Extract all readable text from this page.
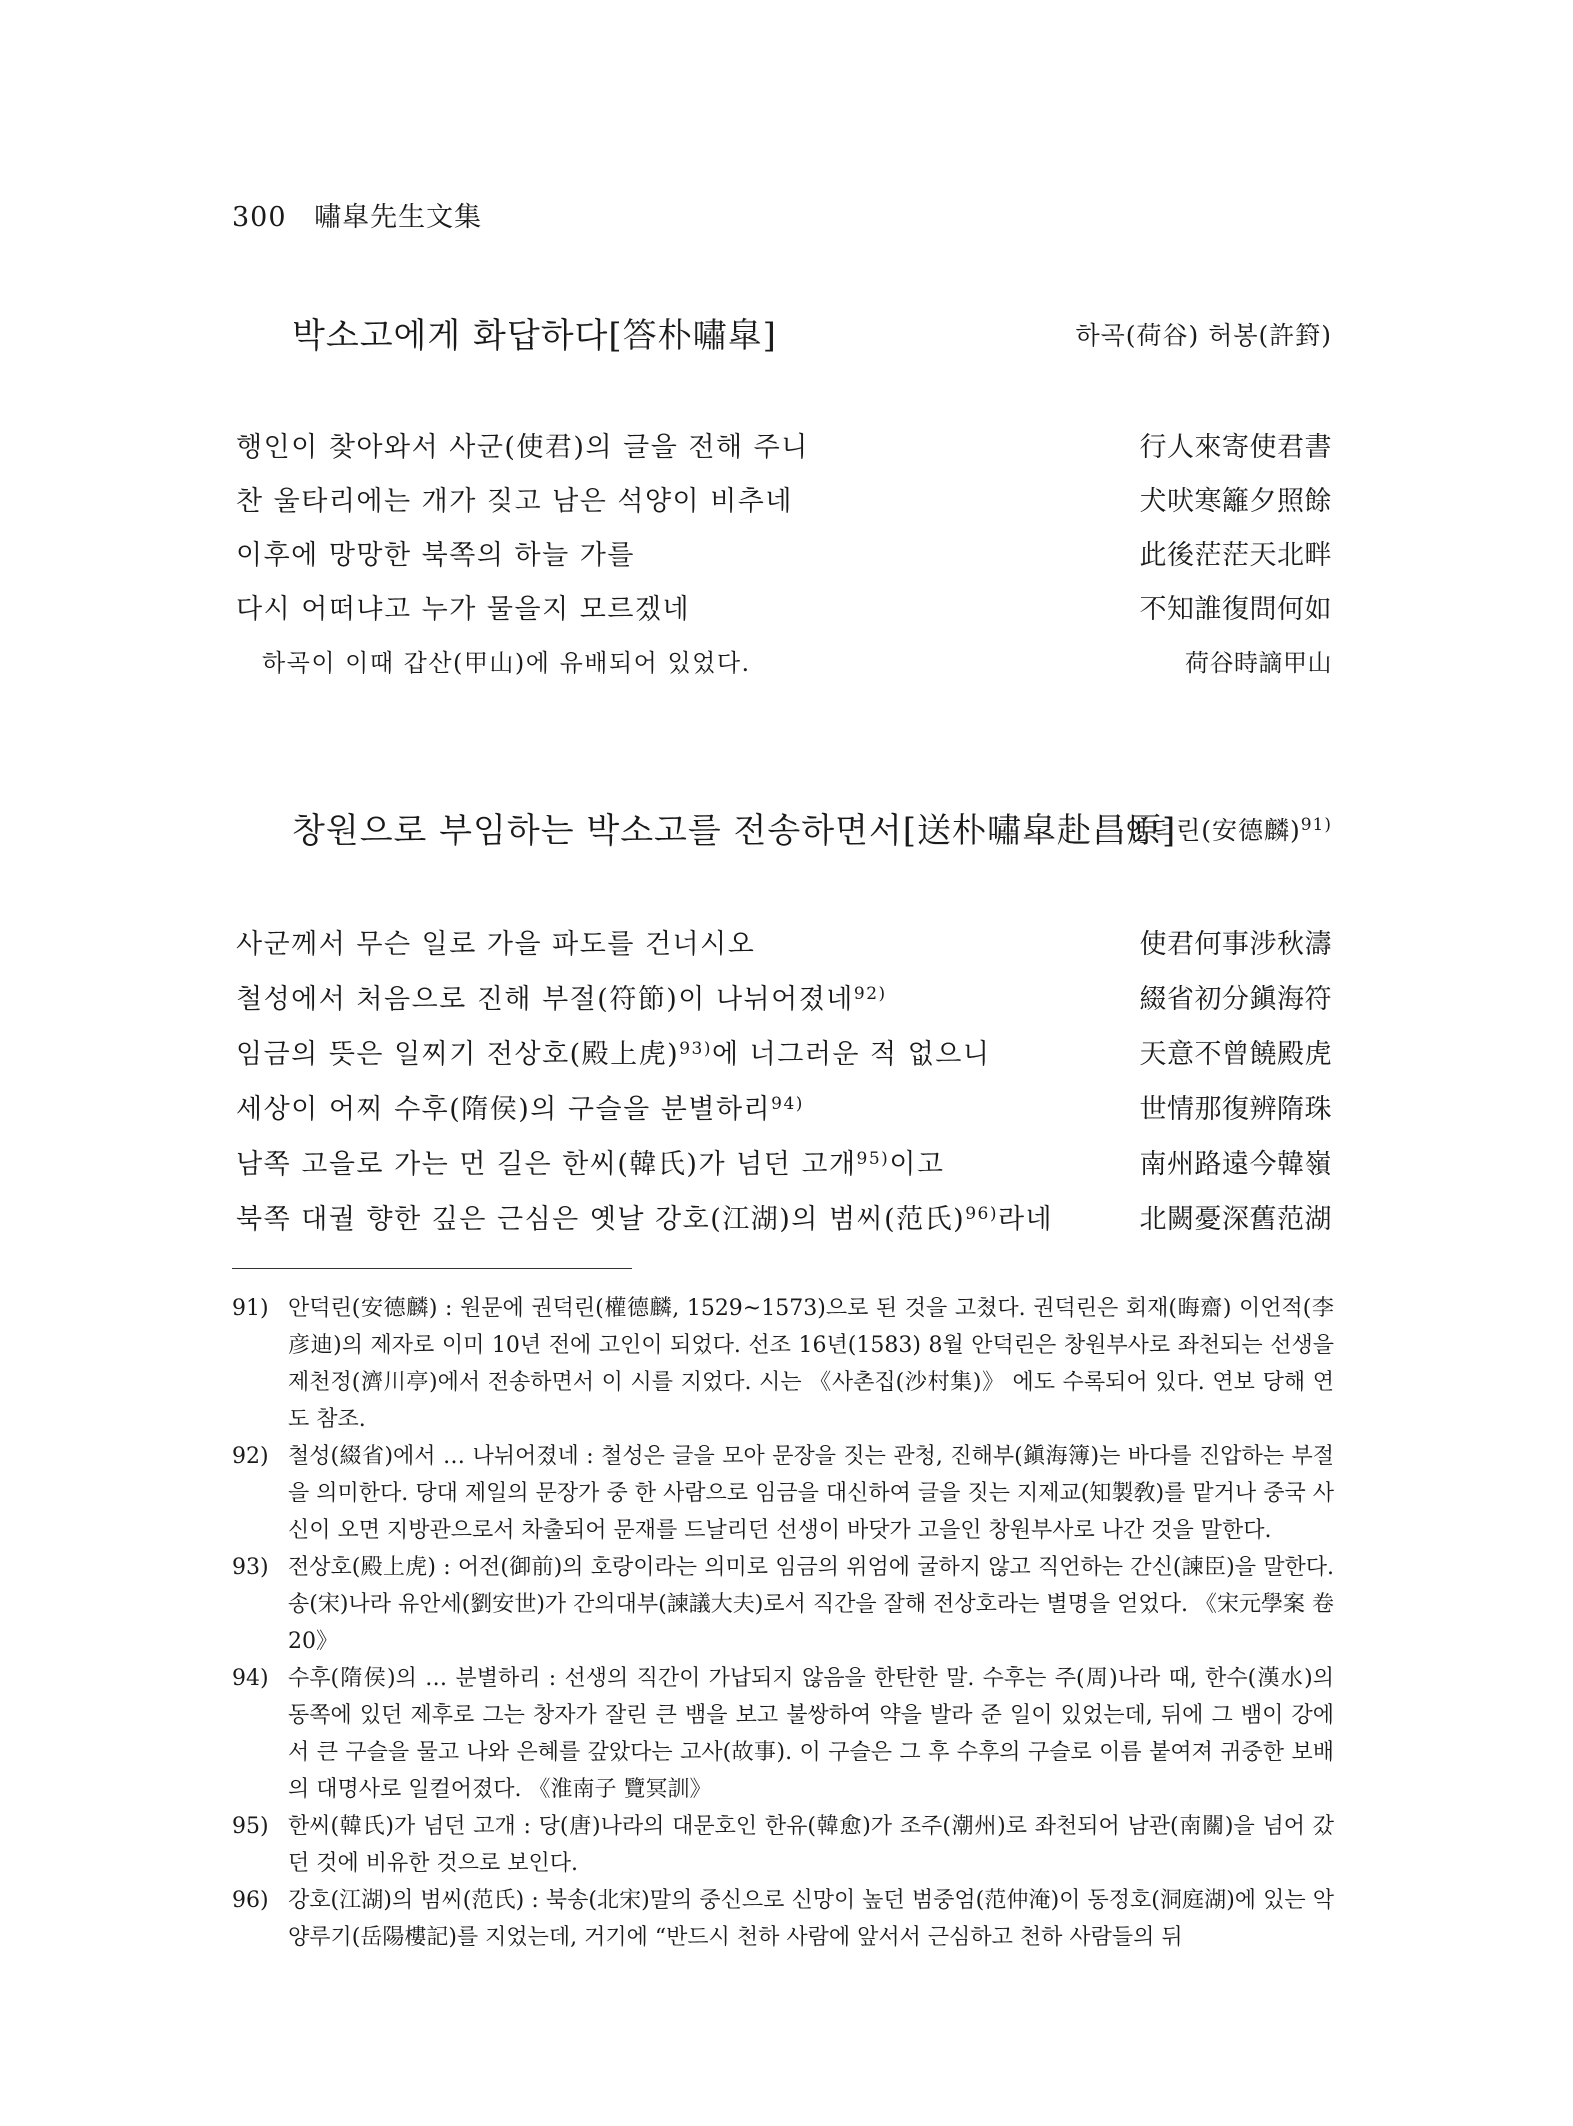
300 嘯皐先生文集
박소고에게 화답하다[答朴嘯皐]	하곡(荷谷) 허봉(許篈)
행인이 찾아와서 사군(使君)의 글을 전해 주니	行人來寄使君書
찬 울타리에는 개가 짖고 남은 석양이 비추네	犬吠寒籬夕照餘
이후에 망망한 북쪽의 하늘 가를	此後茫茫天北畔
다시 어떠냐고 누가 물을지 모르겠네	不知誰復問何如
하곡이 이때 갑산(甲山)에 유배되어 있었다.	荷谷時謫甲山
창원으로 부임하는 박소고를 전송하면서[送朴嘯皐赴昌原]
안덕린(安德麟)$^{91)}$
사군께서 무슨 일로 가을 파도를 건너시오	使君何事涉秋濤
철성에서 처음으로 진해 부절(符節)이 나뉘어졌네$^{92)}$	綴省初分鎭海符
임금의 뜻은 일찌기 전상호(殿上虎)$^{93)}$에 너그러운 적 없으니	天意不曾饒殿虎
세상이 어찌 수후(隋侯)의 구슬을 분별하리$^{94)}$	世情那復辨隋珠
남쪽 고을로 가는 먼 길은 한씨(韓氏)가 넘던 고개$^{95)}$이고	南州路遠今韓嶺
북쪽 대궐 향한 깊은 근심은 옛날 강호(江湖)의 범씨(范氏)$^{96)}$라네	北闕憂深舊范湖
91) 안덕린(安德麟) : 원문에 권덕린(權德麟, 1529~1573)으로 된 것을 고쳤다. 권덕린은 회재(晦齋) 이언적(李彦迪)의 제자로 이미 10년 전에 고인이 되었다. 선조 16년(1583) 8월 안덕린은 창원부사로 좌천되는 선생을 제천정(濟川亭)에서 전송하면서 이 시를 지었다. 시는 《사촌집(沙村集)》 에도 수록되어 있다. 연보 당해 연도 참조.
92) 철성(綴省)에서 … 나뉘어졌네 : 철성은 글을 모아 문장을 짓는 관청, 진해부(鎭海簿)는 바다를 진압하는 부절을 의미한다. 당대 제일의 문장가 중 한 사람으로 임금을 대신하여 글을 짓는 지제교(知製敎)를 맡거나 중국 사신이 오면 지방관으로서 차출되어 문재를 드날리던 선생이 바닷가 고을인 창원부사로 나간 것을 말한다.
93) 전상호(殿上虎) : 어전(御前)의 호랑이라는 의미로 임금의 위엄에 굴하지 않고 직언하는 간신(諫臣)을 말한다. 송(宋)나라 유안세(劉安世)가 간의대부(諫議大夫)로서 직간을 잘해 전상호라는 별명을 얻었다. 《宋元學案 卷20》
94) 수후(隋侯)의 … 분별하리 : 선생의 직간이 가납되지 않음을 한탄한 말. 수후는 주(周)나라 때, 한수(漢水)의 동쪽에 있던 제후로 그는 창자가 잘린 큰 뱀을 보고 불쌍하여 약을 발라 준 일이 있었는데, 뒤에 그 뱀이 강에서 큰 구슬을 물고 나와 은혜를 갚았다는 고사(故事). 이 구슬은 그 후 수후의 구슬로 이름 붙여져 귀중한 보배의 대명사로 일컬어졌다. 《淮南子 覽冥訓》
95) 한씨(韓氏)가 넘던 고개 : 당(唐)나라의 대문호인 한유(韓愈)가 조주(潮州)로 좌천되어 남관(南關)을 넘어 갔던 것에 비유한 것으로 보인다.
96) 강호(江湖)의 범씨(范氏) : 북송(北宋)말의 중신으로 신망이 높던 범중엄(范仲淹)이 동정호(洞庭湖)에 있는 악양루기(岳陽樓記)를 지었는데, 거기에 “반드시 천하 사람에 앞서서 근심하고 천하 사람들의 뒤
